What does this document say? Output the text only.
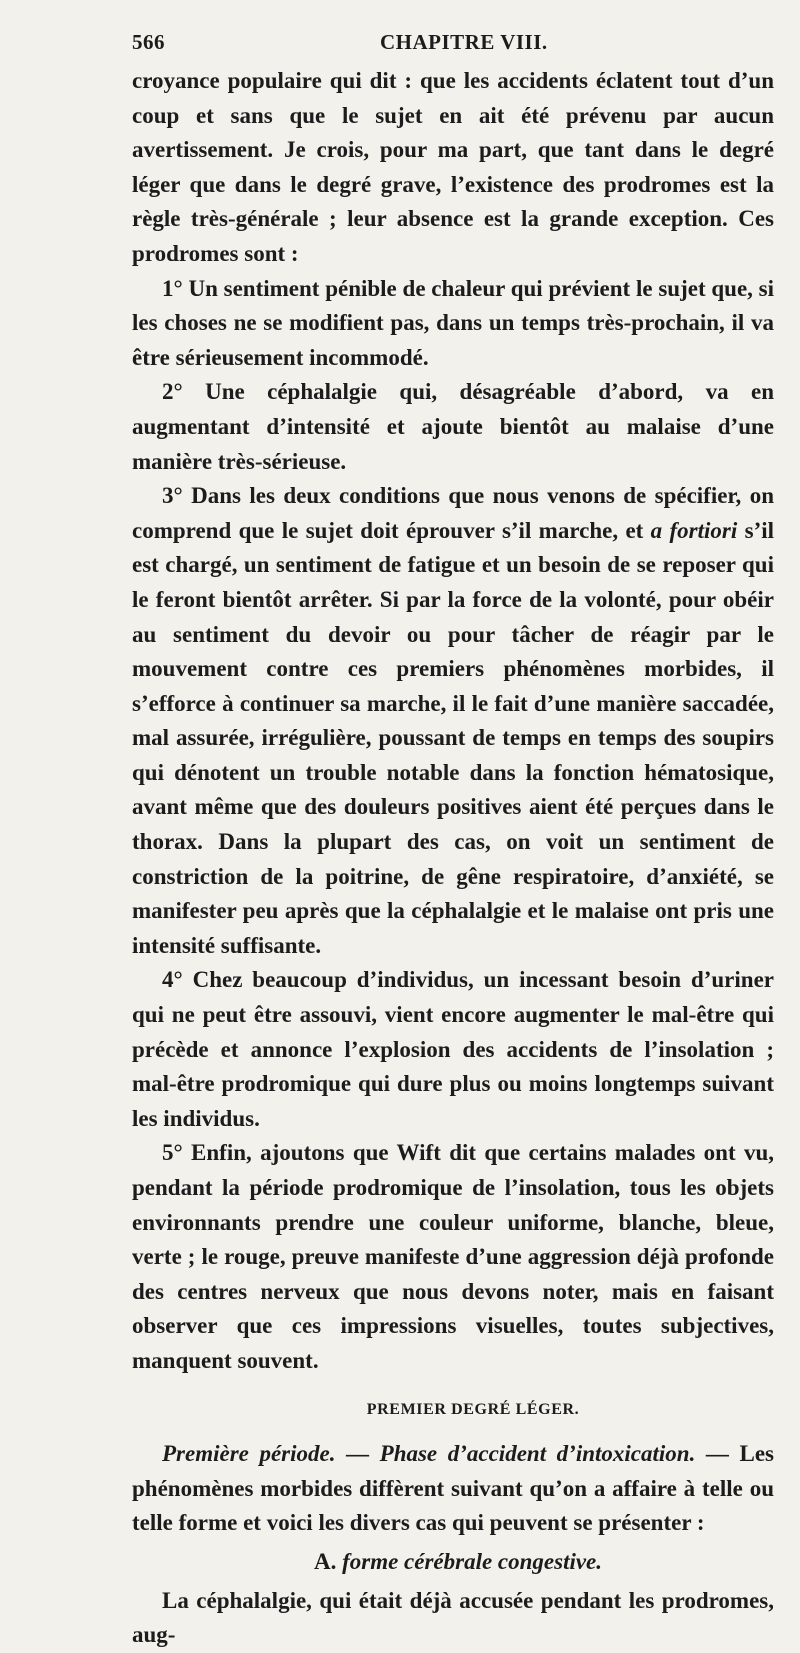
566	CHAPITRE VIII.

croyance populaire qui dit : que les accidents éclatent tout d’un coup et sans que le sujet en ait été prévenu par aucun avertissement. Je crois, pour ma part, que tant dans le degré léger que dans le degré grave, l’existence des prodromes est la règle très-générale ; leur absence est la grande exception. Ces prodromes sont :

1° Un sentiment pénible de chaleur qui prévient le sujet que, si les choses ne se modifient pas, dans un temps très-prochain, il va être sérieusement incommodé.

2° Une céphalalgie qui, désagréable d’abord, va en augmentant d’intensité et ajoute bientôt au malaise d’une manière très-sérieuse.

3° Dans les deux conditions que nous venons de spécifier, on comprend que le sujet doit éprouver s’il marche, et a fortiori s’il est chargé, un sentiment de fatigue et un besoin de se reposer qui le feront bientôt arrêter. Si par la force de la volonté, pour obéir au sentiment du devoir ou pour tâcher de réagir par le mouvement contre ces premiers phénomènes morbides, il s’efforce à continuer sa marche, il le fait d’une manière saccadée, mal assurée, irrégulière, poussant de temps en temps des soupirs qui dénotent un trouble notable dans la fonction hématosique, avant même que des douleurs positives aient été perçues dans le thorax. Dans la plupart des cas, on voit un sentiment de constriction de la poitrine, de gêne respiratoire, d’anxiété, se manifester peu après que la céphalalgie et le malaise ont pris une intensité suffisante.

4° Chez beaucoup d’individus, un incessant besoin d’uriner qui ne peut être assouvi, vient encore augmenter le mal-être qui précède et annonce l’explosion des accidents de l’insolation ; mal-être prodromique qui dure plus ou moins longtemps suivant les individus.

5° Enfin, ajoutons que Wift dit que certains malades ont vu, pendant la période prodromique de l’insolation, tous les objets environnants prendre une couleur uniforme, blanche, bleue, verte ; le rouge, preuve manifeste d’une aggression déjà profonde des centres nerveux que nous devons noter, mais en faisant observer que ces impressions visuelles, toutes subjectives, manquent souvent.

PREMIER DEGRÉ LÉGER.

Première période. — Phase d’accident d’intoxication. — Les phénomènes morbides diffèrent suivant qu’on a affaire à telle ou telle forme et voici les divers cas qui peuvent se présenter :

A. forme cérébrale congestive.

La céphalalgie, qui était déjà accusée pendant les prodromes, aug-
